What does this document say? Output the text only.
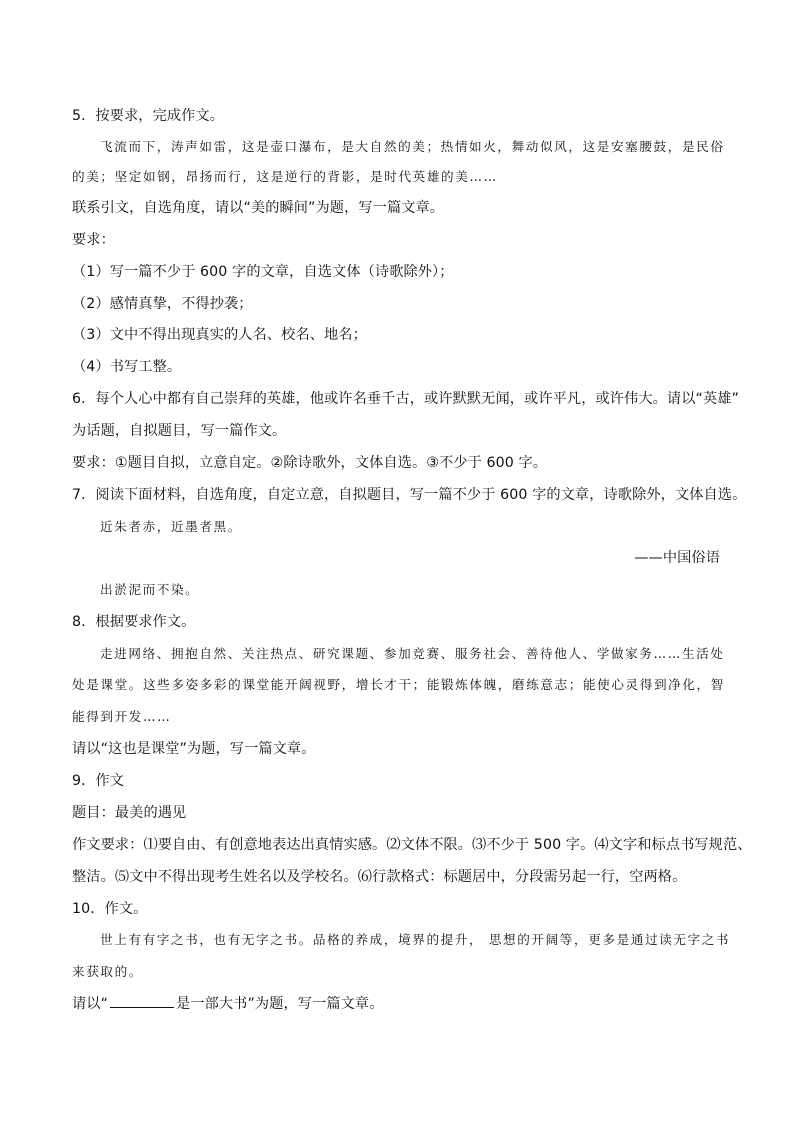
5．按要求，完成作文。
飞流而下，涛声如雷，这是壶口瀑布，是大自然的美；热情如火，舞动似风，这是安塞腰鼓，是民俗
的美；坚定如钢，昂扬而行，这是逆行的背影，是时代英雄的美……
联系引文，自选角度，请以“美的瞬间”为题，写一篇文章。
要求：
（1）写一篇不少于 600 字的文章，自选文体（诗歌除外）；
（2）感情真挚，不得抄袭；
（3）文中不得出现真实的人名、校名、地名；
（4）书写工整。
6．每个人心中都有自己崇拜的英雄，他或许名垂千古，或许默默无闻，或许平凡，或许伟大。请以“英雄”
为话题，自拟题目，写一篇作文。
要求：①题目自拟，立意自定。②除诗歌外，文体自选。③不少于 600 字。
7．阅读下面材料，自选角度，自定立意，自拟题目，写一篇不少于 600 字的文章，诗歌除外，文体自选。
近朱者赤，近墨者黑。
——中国俗语
出淤泥而不染。
8．根据要求作文。
走进网络、拥抱自然、关注热点、研究课题、参加竞赛、服务社会、善待他人、学做家务……生活处
处是课堂。这些多姿多彩的课堂能开阔视野，增长才干；能锻炼体魄，磨练意志；能使心灵得到净化，智
能得到开发……
请以“这也是课堂”为题，写一篇文章。
9．作文
题目：最美的遇见
作文要求：⑴要自由、有创意地表达出真情实感。⑵文体不限。⑶不少于 500 字。⑷文字和标点书写规范、
整洁。⑸文中不得出现考生姓名以及学校名。⑹行款格式：标题居中，分段需另起一行，空两格。
10．作文。
世上有有字之书，也有无字之书。品格的养成，境界的提升， 思想的开阔等，更多是通过读无字之书
来获取的。
请以“	是一部大书”为题，写一篇文章。
